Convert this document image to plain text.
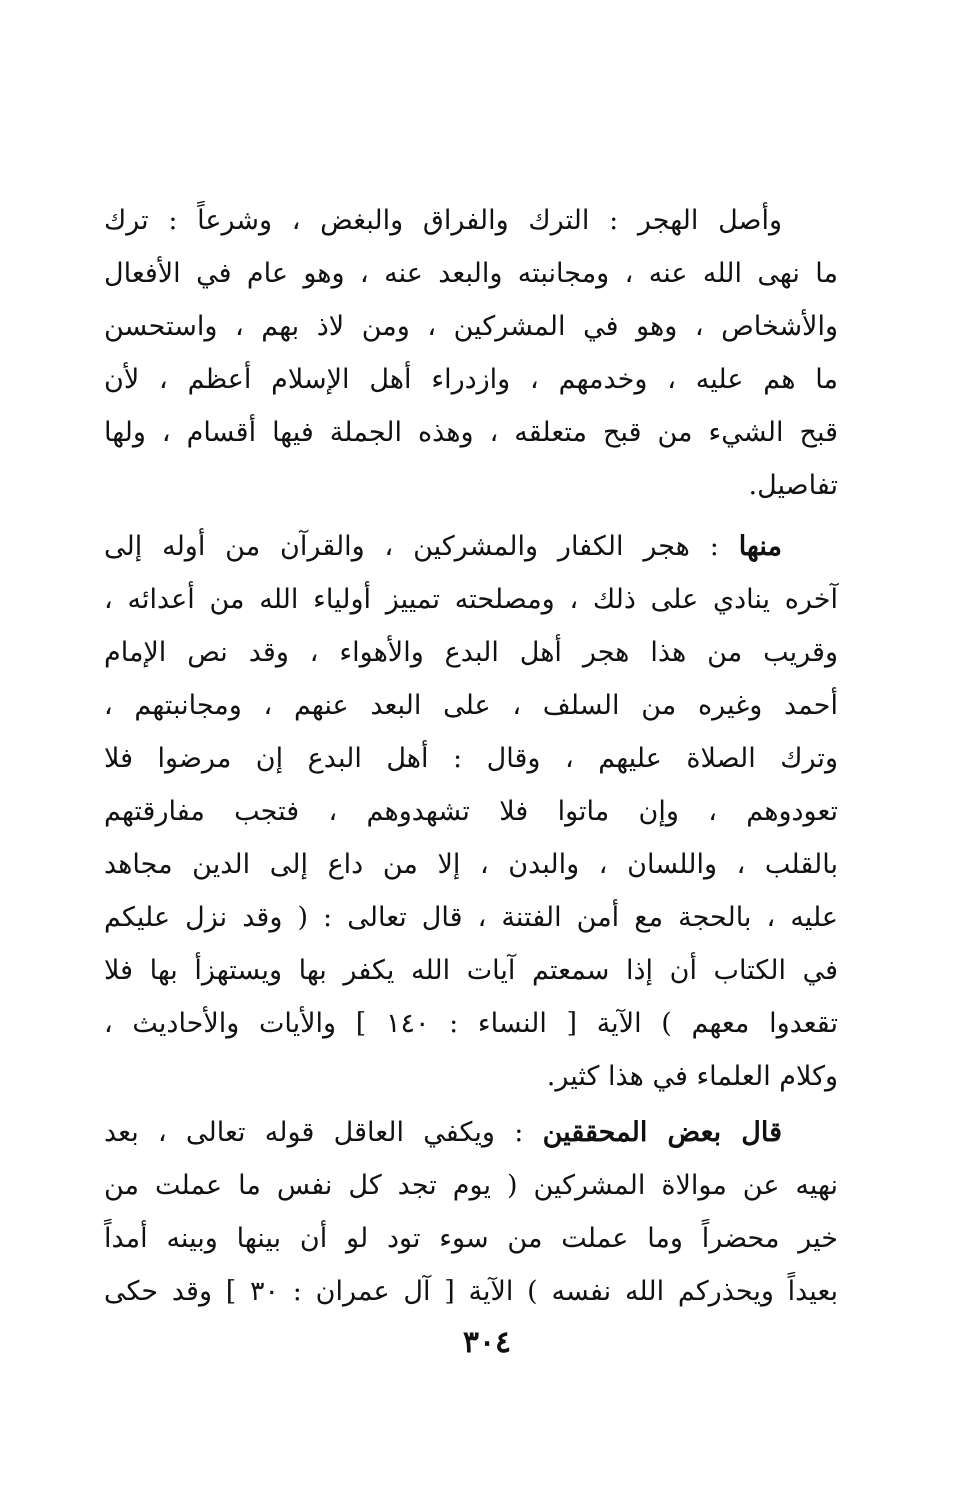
وأصل الهجر : الترك والفراق والبغض ، وشرعاً : ترك
ما نهى الله عنه ، ومجانبته والبعد عنه ، وهو عام في الأفعال
والأشخاص ، وهو في المشركين ، ومن لاذ بهم ، واستحسن
ما هم عليه ، وخدمهم ، وازدراء أهل الإسلام أعظم ، لأن
قبح الشيء من قبح متعلقه ، وهذه الجملة فيها أقسام ، ولها
تفاصيل.
منها : هجر الكفار والمشركين ، والقرآن من أوله إلى
آخره ينادي على ذلك ، ومصلحته تمييز أولياء الله من أعدائه ،
وقريب من هذا هجر أهل البدع والأهواء ، وقد نص الإمام
أحمد وغيره من السلف ، على البعد عنهم ، ومجانبتهم ،
وترك الصلاة عليهم ، وقال : أهل البدع إن مرضوا فلا
تعودوهم ، وإن ماتوا فلا تشهدوهم ، فتجب مفارقتهم
بالقلب ، واللسان ، والبدن ، إلا من داع إلى الدين مجاهد
عليه ، بالحجة مع أمن الفتنة ، قال تعالى : ( وقد نزل عليكم
في الكتاب أن إذا سمعتم آيات الله يكفر بها ويستهزأ بها فلا
تقعدوا معهم ) الآية [ النساء : ١٤٠ ] والأيات والأحاديث ،
وكلام العلماء في هذا كثير.
قال بعض المحققين : ويكفي العاقل قوله تعالى ، بعد
نهيه عن موالاة المشركين ( يوم تجد كل نفس ما عملت من
خير محضراً وما عملت من سوء تود لو أن بينها وبينه أمداً
بعيداً ويحذركم الله نفسه ) الآية [ آل عمران : ٣٠ ] وقد حكى
٣٠٤
